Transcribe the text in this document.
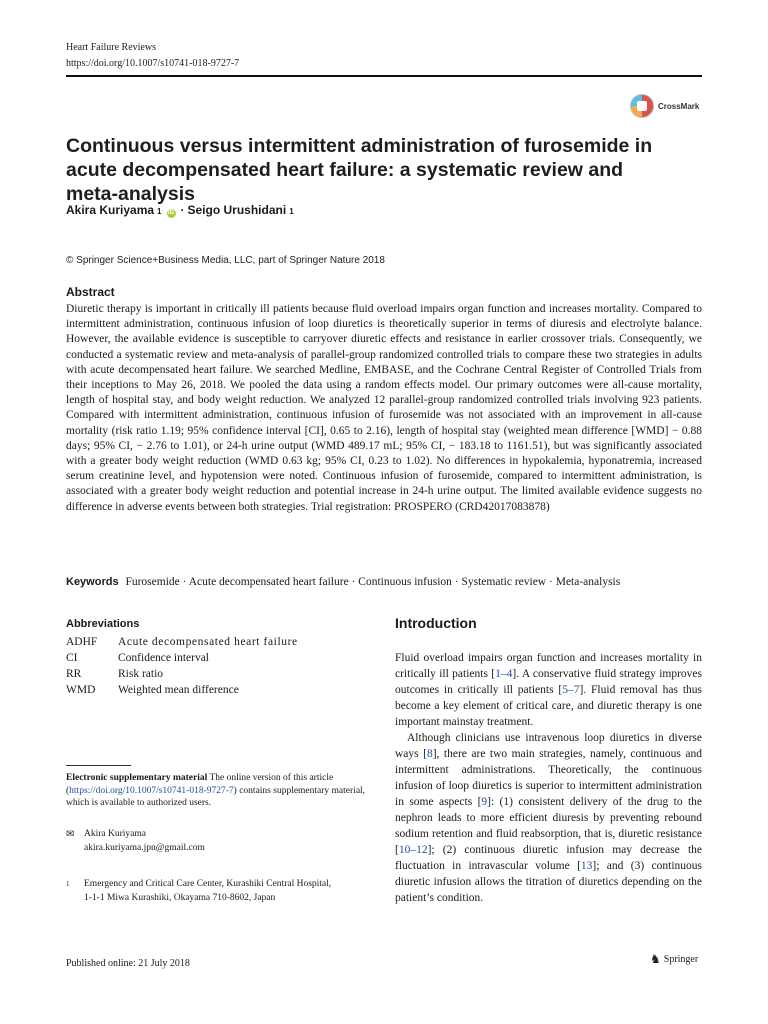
Heart Failure Reviews
https://doi.org/10.1007/s10741-018-9727-7
CrossMark
Continuous versus intermittent administration of furosemide in acute decompensated heart failure: a systematic review and meta-analysis
Akira Kuriyama 1 iD · Seigo Urushidani 1
© Springer Science+Business Media, LLC, part of Springer Nature 2018
Abstract
Diuretic therapy is important in critically ill patients because fluid overload impairs organ function and increases mortality. Compared to intermittent administration, continuous infusion of loop diuretics is theoretically superior in terms of diuresis and electrolyte balance. However, the available evidence is susceptible to carryover diuretic effects and resistance in earlier crossover trials. Consequently, we conducted a systematic review and meta-analysis of parallel-group randomized controlled trials to compare these two strategies in adults with acute decompensated heart failure. We searched Medline, EMBASE, and the Cochrane Central Register of Controlled Trials from their inceptions to May 26, 2018. We pooled the data using a random effects model. Our primary outcomes were all-cause mortality, length of hospital stay, and body weight reduction. We analyzed 12 parallel-group randomized controlled trials involving 923 patients. Compared with intermittent administration, continuous infusion of furosemide was not associated with an improvement in all-cause mortality (risk ratio 1.19; 95% confidence interval [CI], 0.65 to 2.16), length of hospital stay (weighted mean difference [WMD] − 0.88 days; 95% CI, − 2.76 to 1.01), or 24-h urine output (WMD 489.17 mL; 95% CI, − 183.18 to 1161.51), but was significantly associated with a greater body weight reduction (WMD 0.63 kg; 95% CI, 0.23 to 1.02). No differences in hypokalemia, hyponatremia, increased serum creatinine level, and hypotension were noted. Continuous infusion of furosemide, compared to intermittent administration, is associated with a greater body weight reduction and potential increase in 24-h urine output. The limited available evidence suggests no difference in adverse events between both strategies. Trial registration: PROSPERO (CRD42017083878)
Keywords Furosemide · Acute decompensated heart failure · Continuous infusion · Systematic review · Meta-analysis
Abbreviations
ADHF	Acute decompensated heart failure
CI	Confidence interval
RR	Risk ratio
WMD	Weighted mean difference
Electronic supplementary material The online version of this article (https://doi.org/10.1007/s10741-018-9727-7) contains supplementary material, which is available to authorized users.
✉	Akira Kuriyama
akira.kuriyama.jpn@gmail.com
1	Emergency and Critical Care Center, Kurashiki Central Hospital,
1-1-1 Miwa Kurashiki, Okayama 710-8602, Japan
Published online: 21 July 2018	♞ Springer
Introduction

Fluid overload impairs organ function and increases mortality in critically ill patients [1–4]. A conservative fluid strategy improves outcomes in critically ill patients [5–7]. Fluid removal has thus become a key element of critical care, and diuretic therapy is one important mainstay treatment.

Although clinicians use intravenous loop diuretics in diverse ways [8], there are two main strategies, namely, continuous and intermittent administrations. Theoretically, the continuous infusion of loop diuretics is superior to intermittent administration in some aspects [9]: (1) consistent delivery of the drug to the nephron leads to more efficient diuresis by preventing rebound sodium retention and fluid reabsorption, that is, diuretic resistance [10–12]; (2) continuous diuretic infusion may decrease the fluctuation in intravascular volume [13]; and (3) continuous diuretic infusion allows the titration of diuretics depending on the patient’s condition.
